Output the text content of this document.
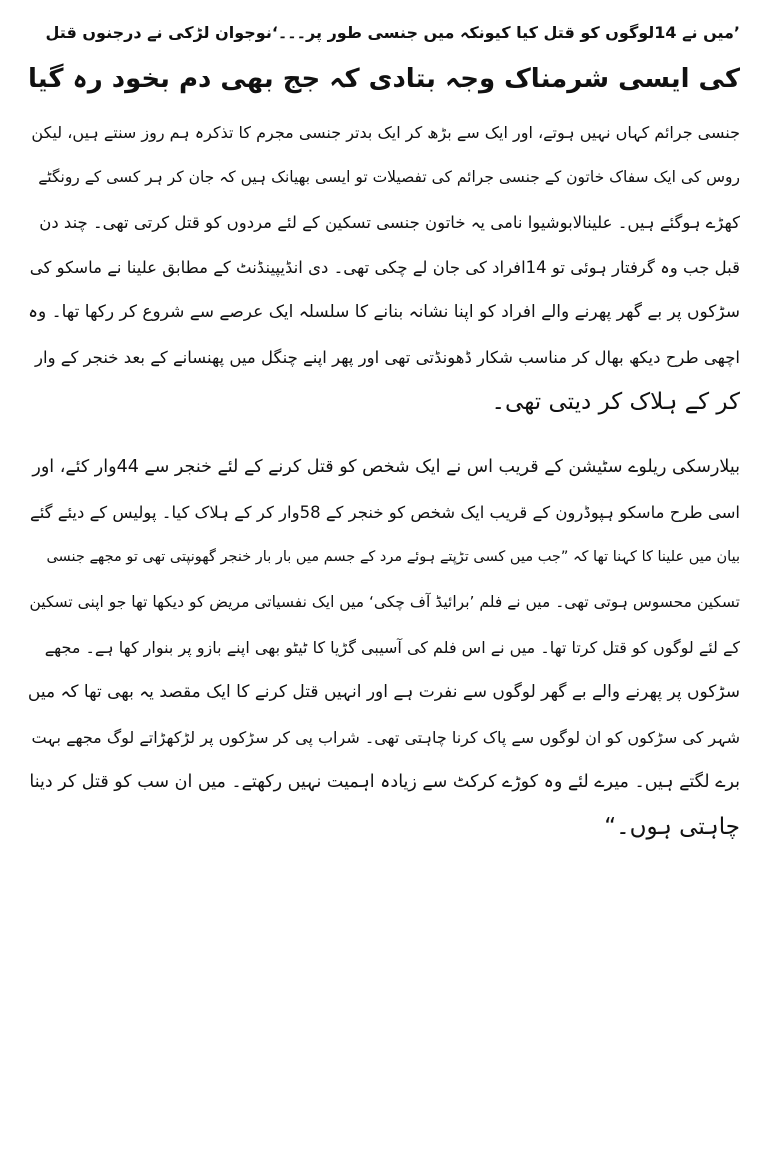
’میں نے 14لوگوں کو قتل کیا کیونکہ میں جنسی طور پر۔۔۔‘نوجوان لڑکی نے درجنوں قتل
کی ایسی شرمناک وجہ بتادی کہ جج بھی دم بخود رہ گیا

جنسی جرائم کہاں نہیں ہوتے، اور ایک سے بڑھ کر ایک بدتر جنسی مجرم کا تذکرہ ہم روز سنتے ہیں، لیکن
روس کی ایک سفاک خاتون کے جنسی جرائم کی تفصیلات تو ایسی بھیانک ہیں کہ جان کر ہر کسی کے رونگٹے
کھڑے ہوگئے ہیں۔ علینالابوشیوا نامی یہ خاتون جنسی تسکین کے لئے مردوں کو قتل کرتی تھی۔ چند دن
قبل جب وہ گرفتار ہوئی تو 14افراد کی جان لے چکی تھی۔ دی انڈیپینڈنٹ کے مطابق علینا نے ماسکو کی
سڑکوں پر بے گھر پھرنے والے افراد کو اپنا نشانہ بنانے کا سلسلہ ایک عرصے سے شروع کر رکھا تھا۔ وہ
اچھی طرح دیکھ بھال کر مناسب شکار ڈھونڈتی تھی اور پھر اپنے چنگل میں پھنسانے کے بعد خنجر کے وار
کر کے ہلاک کر دیتی تھی۔

بیلارسکی ریلوے سٹیشن کے قریب اس نے ایک شخص کو قتل کرنے کے لئے خنجر سے 44وار کئے، اور
اسی طرح ماسکو ہپوڈرون کے قریب ایک شخص کو خنجر کے 58وار کر کے ہلاک کیا۔ پولیس کے دیئے گئے
بیان میں علینا کا کہنا تھا کہ ”جب میں کسی تڑپتے ہوئے مرد کے جسم میں بار بار خنجر گھونپتی تھی تو مجھے جنسی
تسکین محسوس ہوتی تھی۔ میں نے فلم ’برائیڈ آف چکی‘ میں ایک نفسیاتی مریض کو دیکھا تھا جو اپنی تسکین
کے لئے لوگوں کو قتل کرتا تھا۔ میں نے اس فلم کی آسیبی گڑیا کا ٹیٹو بھی اپنے بازو پر بنوار کھا ہے۔ مجھے
سڑکوں پر پھرنے والے بے گھر لوگوں سے نفرت ہے اور انہیں قتل کرنے کا ایک مقصد یہ بھی تھا کہ میں
شہر کی سڑکوں کو ان لوگوں سے پاک کرنا چاہتی تھی۔ شراب پی کر سڑکوں پر لڑکھڑاتے لوگ مجھے بہت
برے لگتے ہیں۔ میرے لئے وہ کوڑے کرکٹ سے زیادہ اہمیت نہیں رکھتے۔ میں ان سب کو قتل کر دینا
چاہتی ہوں۔“
